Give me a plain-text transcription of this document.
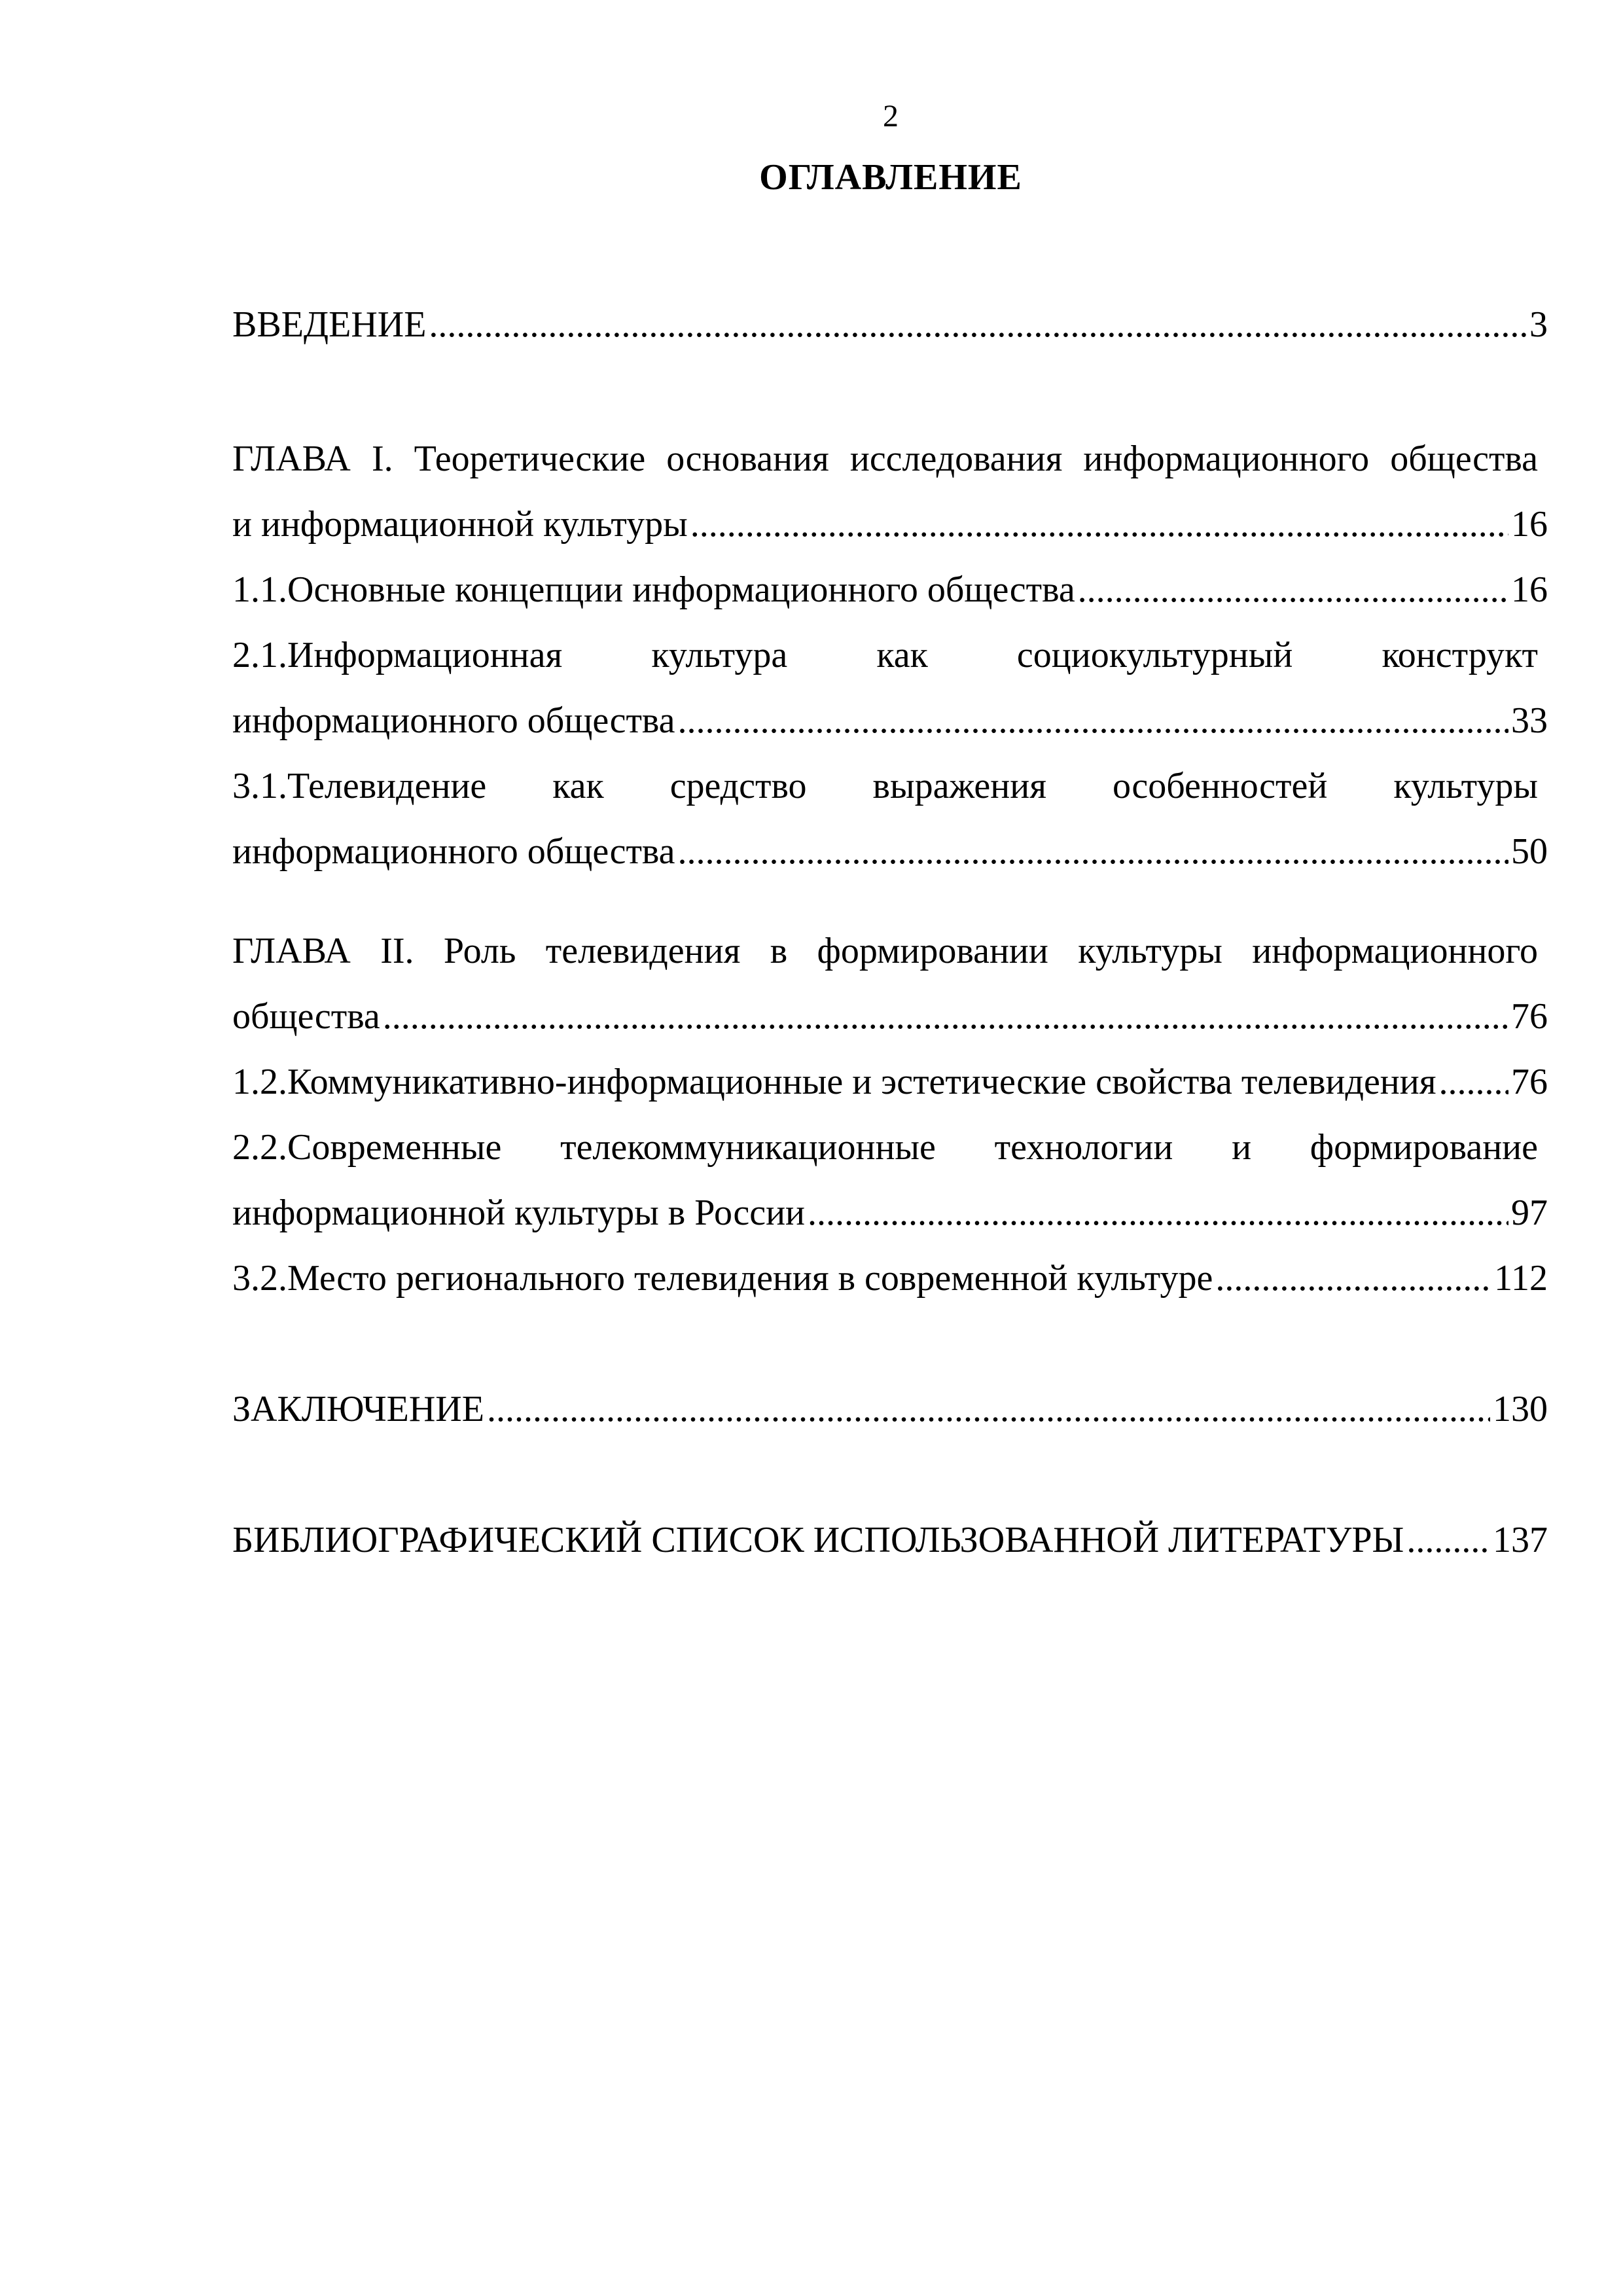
2
ОГЛАВЛЕНИЕ
ВВЕДЕНИЕ .....	3
ГЛАВА I. Теоретические основания исследования информационного общества
и информационной культуры .....	16
1.1.Основные концепции информационного общества .....	16
2.1.Информационная культура как социокультурный конструкт
информационного общества .....	33
3.1.Телевидение как средство выражения особенностей культуры
информационного общества .....	50
ГЛАВА II. Роль телевидения в формировании культуры информационного
общества .....	76
1.2.Коммуникативно-информационные и эстетические свойства телевидения ..... 76
2.2.Современные телекоммуникационные технологии и формирование
информационной культуры в России .....	97
3.2.Место регионального телевидения в современной культуре .....	112
ЗАКЛЮЧЕНИЕ .....	130
БИБЛИОГРАФИЧЕСКИЙ СПИСОК ИСПОЛЬЗОВАННОЙ ЛИТЕРАТУРЫ ..... 137
